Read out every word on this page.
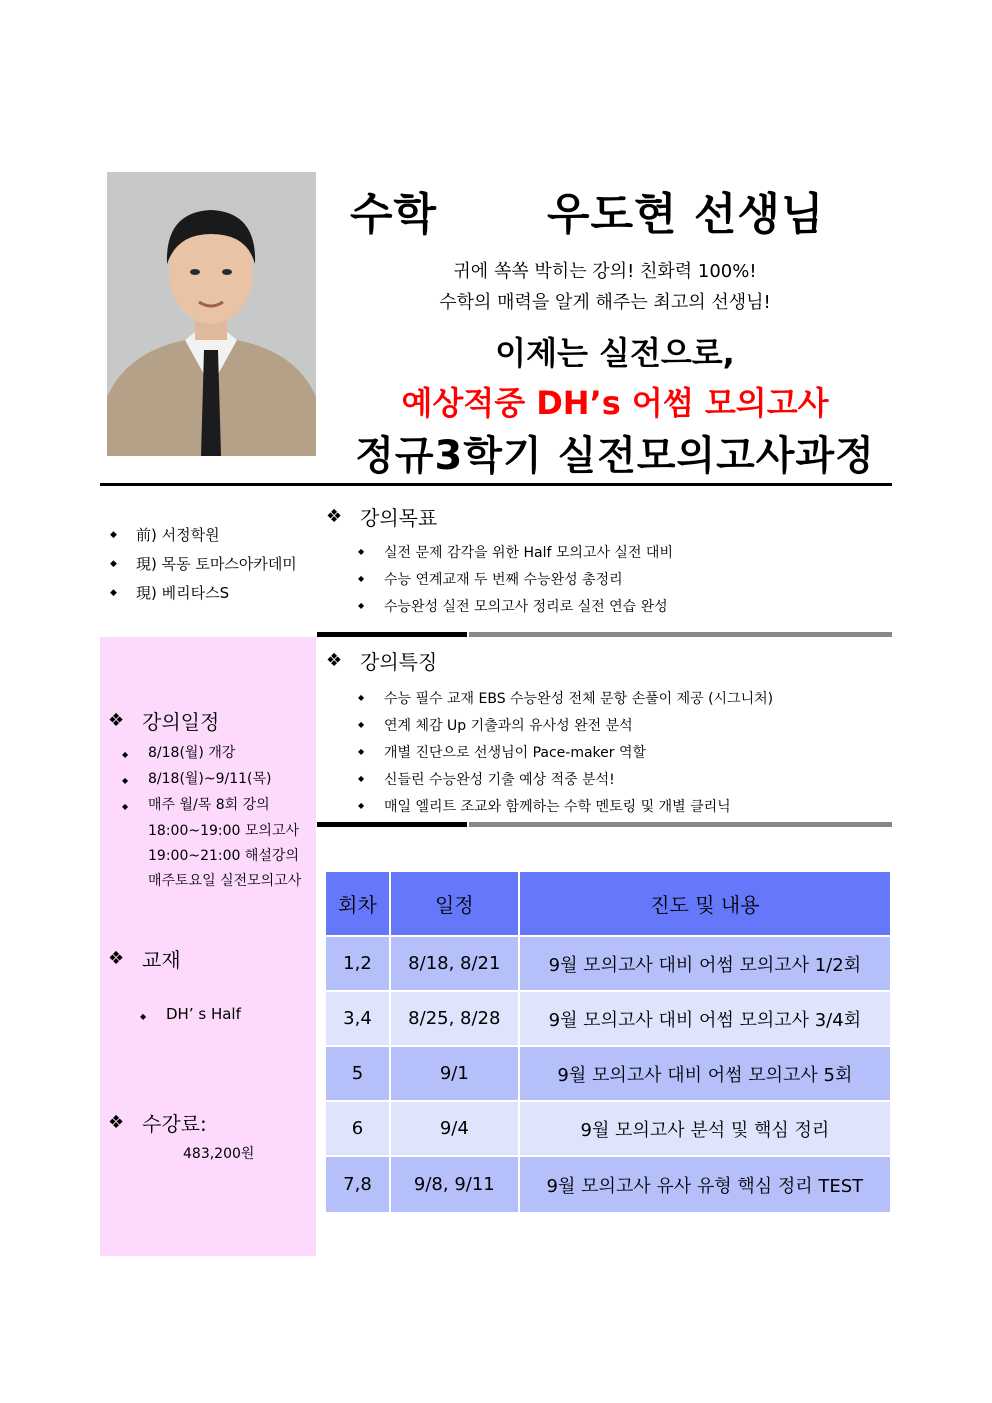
수학	우도현 선생님
귀에 쏙쏙 박히는 강의! 친화력 100%!
수학의 매력을 알게 해주는 최고의 선생님!
이제는 실전으로,
예상적중 DH’s 어썸 모의고사
정규3학기 실전모의고사과정
◆	前) 서정학원
◆	現) 목동 토마스아카데미
◆	現) 베리타스S
❖ 강의일정
◆ 8/18(월) 개강
◆ 8/18(월)~9/11(목)
◆ 매주 월/목 8회 강의
18:00~19:00 모의고사
19:00~21:00 해설강의
매주토요일 실전모의고사
❖ 교재
◆ DH’ s Half
❖ 수강료:
483,200원
❖ 강의목표
◆	실전 문제 감각을 위한 Half 모의고사 실전 대비
◆	수능 연계교재 두 번째 수능완성 총정리
◆	수능완성 실전 모의고사 정리로 실전 연습 완성
❖ 강의특징
◆	수능 필수 교재 EBS 수능완성 전체 문항 손풀이 제공 (시그니처)
◆	연계 체감 Up 기출과의 유사성 완전 분석
◆	개별 진단으로 선생님이 Pace-maker 역할
◆	신들린 수능완성 기출 예상 적중 분석!
◆	매일 엘리트 조교와 함께하는 수학 멘토링 및 개별 클리닉
회차	일정	진도 및 내용
1,2	8/18, 8/21	9월 모의고사 대비 어썸 모의고사 1/2회
3,4	8/25, 8/28	9월 모의고사 대비 어썸 모의고사 3/4회
5	9/1	9월 모의고사 대비 어썸 모의고사 5회
6	9/4	9월 모의고사 분석 및 핵심 정리
7,8	9/8, 9/11	9월 모의고사 유사 유형 핵심 정리 TEST
